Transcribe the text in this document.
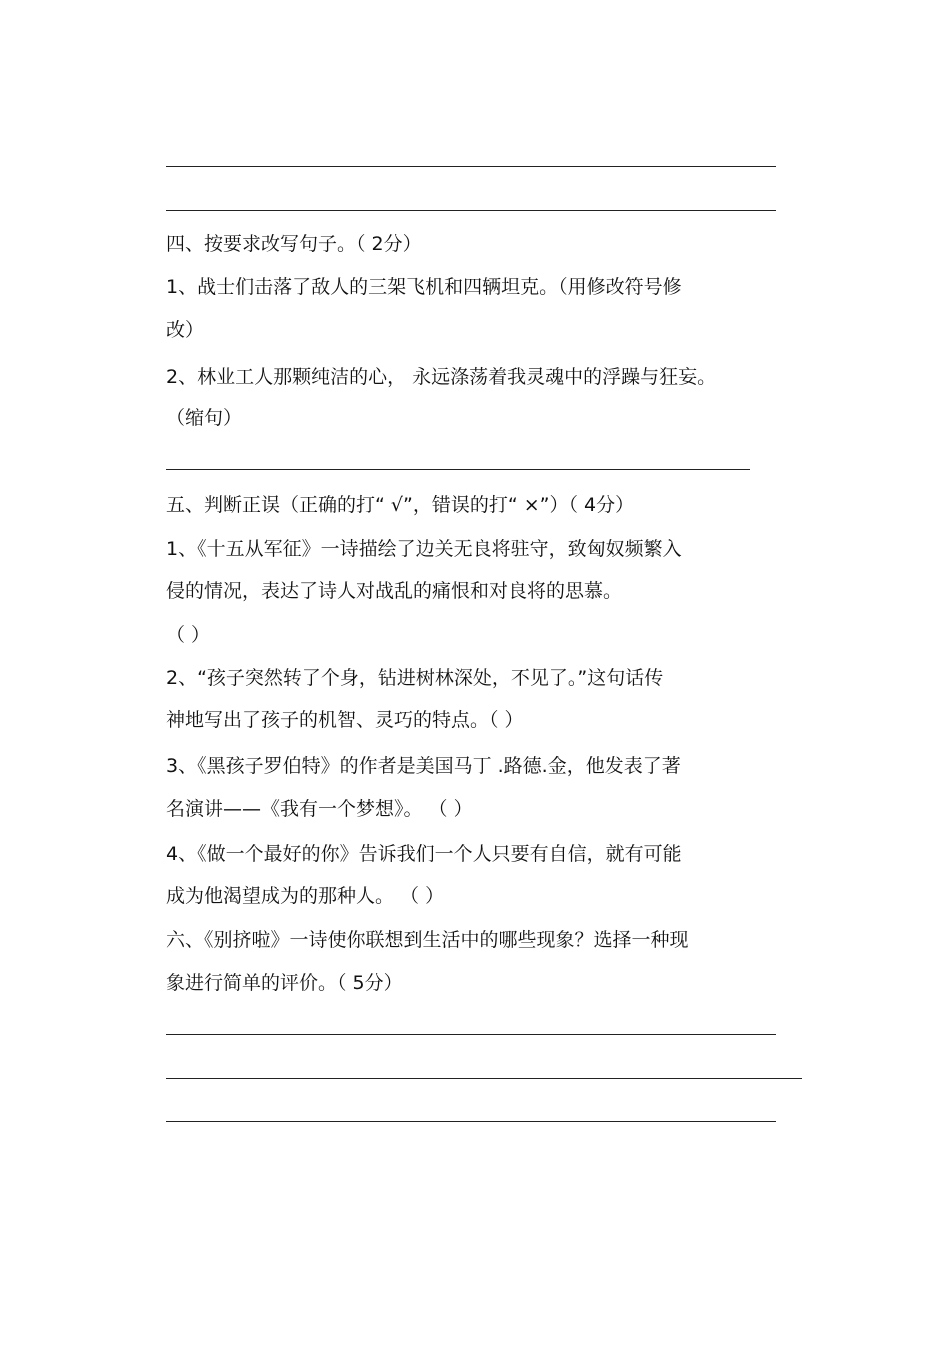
四、按要求改写句子。（ 2分）
1、战士们击落了敌人的三架飞机和四辆坦克。（用修改符号修
改）
2、林业工人那颗纯洁的心， 永远涤荡着我灵魂中的浮躁与狂妄。
（缩句）
五、判断正误（正确的打“ √”，错误的打“ ×”）（ 4分）
1、《十五从军征》一诗描绘了边关无良将驻守，致匈奴频繁入
侵的情况，表达了诗人对战乱的痛恨和对良将的思慕。
（ ）
2、“孩子突然转了个身，钻进树林深处，不见了。”这句话传
神地写出了孩子的机智、灵巧的特点。（ ）
3、《黑孩子罗伯特》的作者是美国马丁 .路德.金，他发表了著
名演讲——《我有一个梦想》。 （ ）
4、《做一个最好的你》告诉我们一个人只要有自信，就有可能
成为他渴望成为的那种人。 （ ）
六、《别挤啦》一诗使你联想到生活中的哪些现象？选择一种现
象进行简单的评价。（ 5分）
